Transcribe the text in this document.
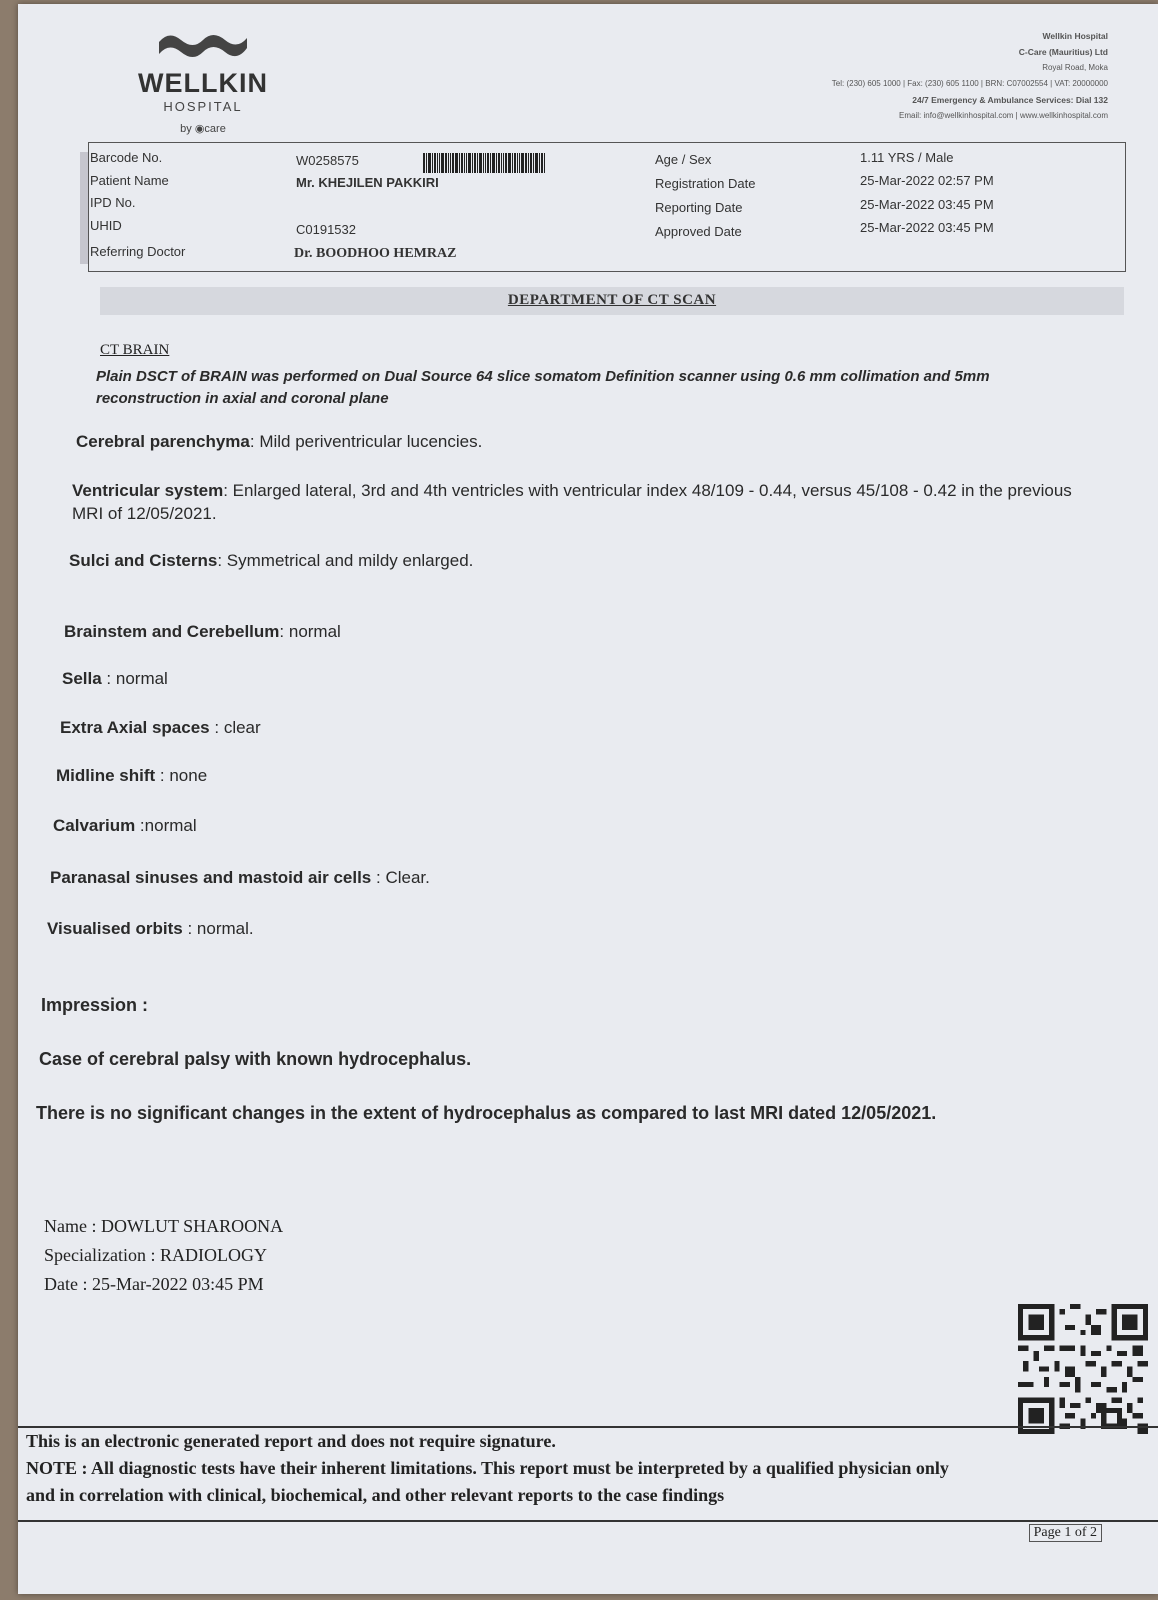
WELLKIN
HOSPITAL
by ◉care
Wellkin Hospital
C-Care (Mauritius) Ltd
Royal Road, Moka
Tel: (230) 605 1000 | Fax: (230) 605 1100 | BRN: C07002554 | VAT: 20000000
24/7 Emergency & Ambulance Services: Dial 132
Email: info@wellkinhospital.com | www.wellkinhospital.com
Barcode No.
Patient Name
IPD No.
UHID
Referring Doctor
W0258575
Mr. KHEJILEN PAKKIRI
C0191532
Dr. BOODHOO HEMRAZ
Age / Sex
Registration Date
Reporting Date
Approved Date
1.11 YRS / Male
25-Mar-2022 02:57 PM
25-Mar-2022 03:45 PM
25-Mar-2022 03:45 PM
DEPARTMENT OF CT SCAN
CT BRAIN
Plain DSCT of BRAIN was performed on Dual Source 64 slice somatom Definition scanner using 0.6 mm collimation and 5mm reconstruction in axial and coronal plane
Cerebral parenchyma: Mild periventricular lucencies.
Ventricular system: Enlarged lateral, 3rd and 4th ventricles with ventricular index 48/109 - 0.44, versus 45/108 - 0.42 in the previous MRI of 12/05/2021.
Sulci and Cisterns: Symmetrical and mildy enlarged.
Brainstem and Cerebellum: normal
Sella : normal
Extra Axial spaces : clear
Midline shift : none
Calvarium :normal
Paranasal sinuses and mastoid air cells : Clear.
Visualised orbits : normal.
Impression :
Case of cerebral palsy with known hydrocephalus.
There is no significant changes in the extent of hydrocephalus as compared to last MRI dated 12/05/2021.
Name : DOWLUT SHAROONA
Specialization : RADIOLOGY
Date : 25-Mar-2022 03:45 PM
This is an electronic generated report and does not require signature.
NOTE : All diagnostic tests have their inherent limitations. This report must be interpreted by a qualified physician only
and in correlation with clinical, biochemical, and other relevant reports to the case findings
Page 1 of 2
